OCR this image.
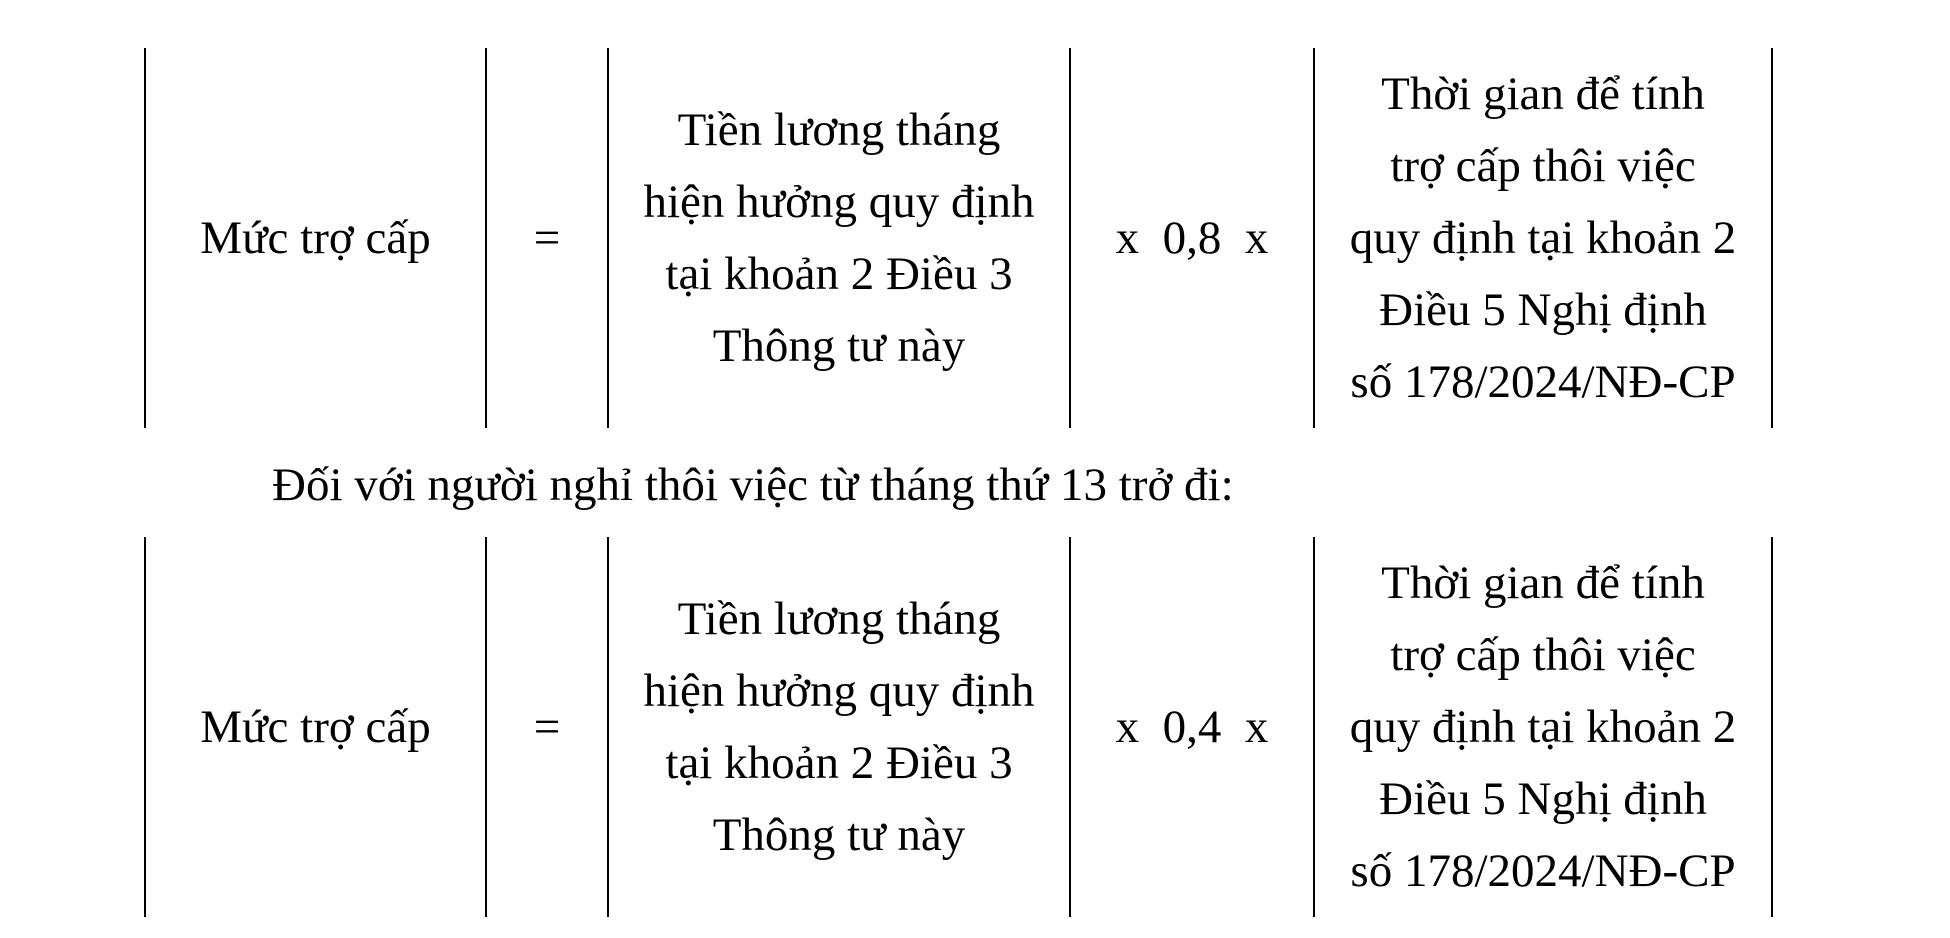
Mức trợ cấp =
Tiền lương tháng
hiện hưởng quy định
tại khoản 2 Điều 3
Thông tư này
x  0,8  x
Thời gian để tính
trợ cấp thôi việc
quy định tại khoản 2
Điều 5 Nghị định
số 178/2024/NĐ-CP
Đối với người nghỉ thôi việc từ tháng thứ 13 trở đi:
Mức trợ cấp =
Tiền lương tháng
hiện hưởng quy định
tại khoản 2 Điều 3
Thông tư này
x  0,4  x
Thời gian để tính
trợ cấp thôi việc
quy định tại khoản 2
Điều 5 Nghị định
số 178/2024/NĐ-CP
